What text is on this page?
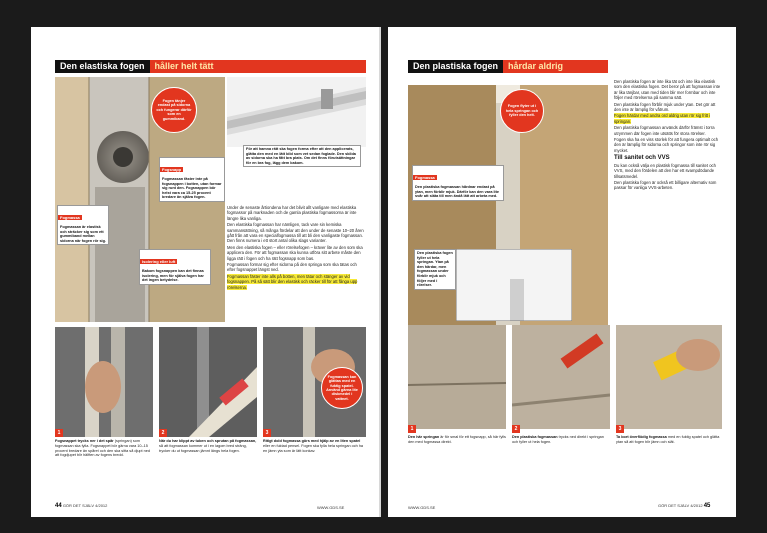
Den elastiska fogen håller helt tätt
För att hamna rätt ska fogen forma efter att den applicerats, glätta den med en lätt bild som vet sedan foglade. Den skilda av sidorna ska ha fått bra plats. Om det finns förutsättningar för en bra fog, lägg dem bakom.
Fogen tänjer endast på sidorna och fungerar därför som en gummiband.
Fogsnapp
Fogmassan fäster inte på fogsnappen i botten, utan formar sig runt den. Fogsnappen bör helst vara ca 15-25 procent bredare än själva fogen.
Fogmassa
Fogmassan är elastisk och sträcker sig som ett gummiband mellan sidorna när fogen rör sig.
Isolering eller luft
Bakom fogsnappen kan det finnas isolering, men för själva fogen har det ingen betydelse.

Under de senaste årtiondena har det blivit allt vanligare med elastiska fogmassor på marknaden och de gamla plastiska fogmassorna är inte längre lika vanliga.

Den elastiska fogmassan har nämligen, tack vare sin kemiska sammansättning, så många fördelar att den under de senaste 10–20 åren gått från att vara en specialfogmassa till att bli den vanligaste fogmassan. Den finns numera i ett stort antal olika slags varianter.

Men den elastiska fogen – eller rörelsefogen – kräver lite av den som ska applicera den. För att fogmassan ska kunna utföra sitt arbete måste den ligga rätt i fogen och ha rätt fogsnapp som bas.

Fogmassan formar sig efter sidorna på den springa som ska tätas och efter fogsnappet längst ned.

Fogmassan fäster inte alls på botten, men tätar och stänger av vid fogsnappen. På så sätt blir den elastisk och räcker till för att fånga upp rörelserna.

Fogmassan kan glättas med en fuktig spatel. Använd gärna lite diskmedel i vattnet.
1	2	3
Fogsnappet trycks ner i det spår (springan) som fogmassan ska fylla. Fogsnappet bör gärna vara 10–15 procent bredare än spåret och den ska sitta så djupt ned att fogdjupet blir hälften av fogens bredd.
När du har klippt av tuben och sprutan på fogmassan, så att fogmassan kommer ut i en lagom bred sträng, trycker du ut fogmassan jämnt längs hela fogen.
Ritigt dold fogmassa görs med hjälp av en liten spatel eller en fuktad pensel. Fogen ska fylla hela springan och ha en jämn yta som är lätt konkav.
44 GÖR DET SJÄLV 4/2012	WWW.GDS.SE
Den plastiska fogen hårdar aldrig
Fogen flyter ut i hela springan och fyller den helt.
Fogmassa
Den plastiska fogmassan hårdnar endast på ytan, men förblir mjuk. Därför kan den vara lite svår att släta till men ändå lätt att arbeta med.
Den plastiska fogen fyller ut hela springan. Ytan på den härdar, men fogmassan under förblir mjuk och följer med i rörelser.

Den plastiska fogen är inte lika tät och inte lika elastisk som den elastiska fogen. Det beror på att fogmassan inte är lika tänjbar, utan med tiden blir mer formbar och inte följer med rörelserna på samma sätt.

Den plastiska fogen förblir mjuk under ytan. Det gör att den inte är lämplig för våtrum.

Fogen härdar med andra ord aldrig utan rör sig fritt i springan.

Den plastiska fogmassan används därför främst i torra utrymmen där fogen inte utsätts för stora rörelser.

Fogen ska ha en viss storlek för att fungera optimalt och den är lämplig för sidorna och springor som inte rör sig mycket.

Till sanitet och VVS

Du kan också välja en plastisk fogmassa till sanitet och VVS, med den fördelen att den har ett svampdödande tillsatsmedel.

Den plastiska fogen är också ett billigare alternativ som passar för vanliga VVS-arbeten.

1	2	3
Den här springan är för smal för ett fogsnapp, så här fylls den med fogmassa direkt.
Den plastiska fogmassan trycks ned direkt i springan och fyller ut hela fogen.
Ta bort överflödig fogmassa med en fuktig spatel och glätta ytan så att fogen blir jämn och slät.
WWW.GDS.SE	GÖR DET SJÄLV 4/2012 45
